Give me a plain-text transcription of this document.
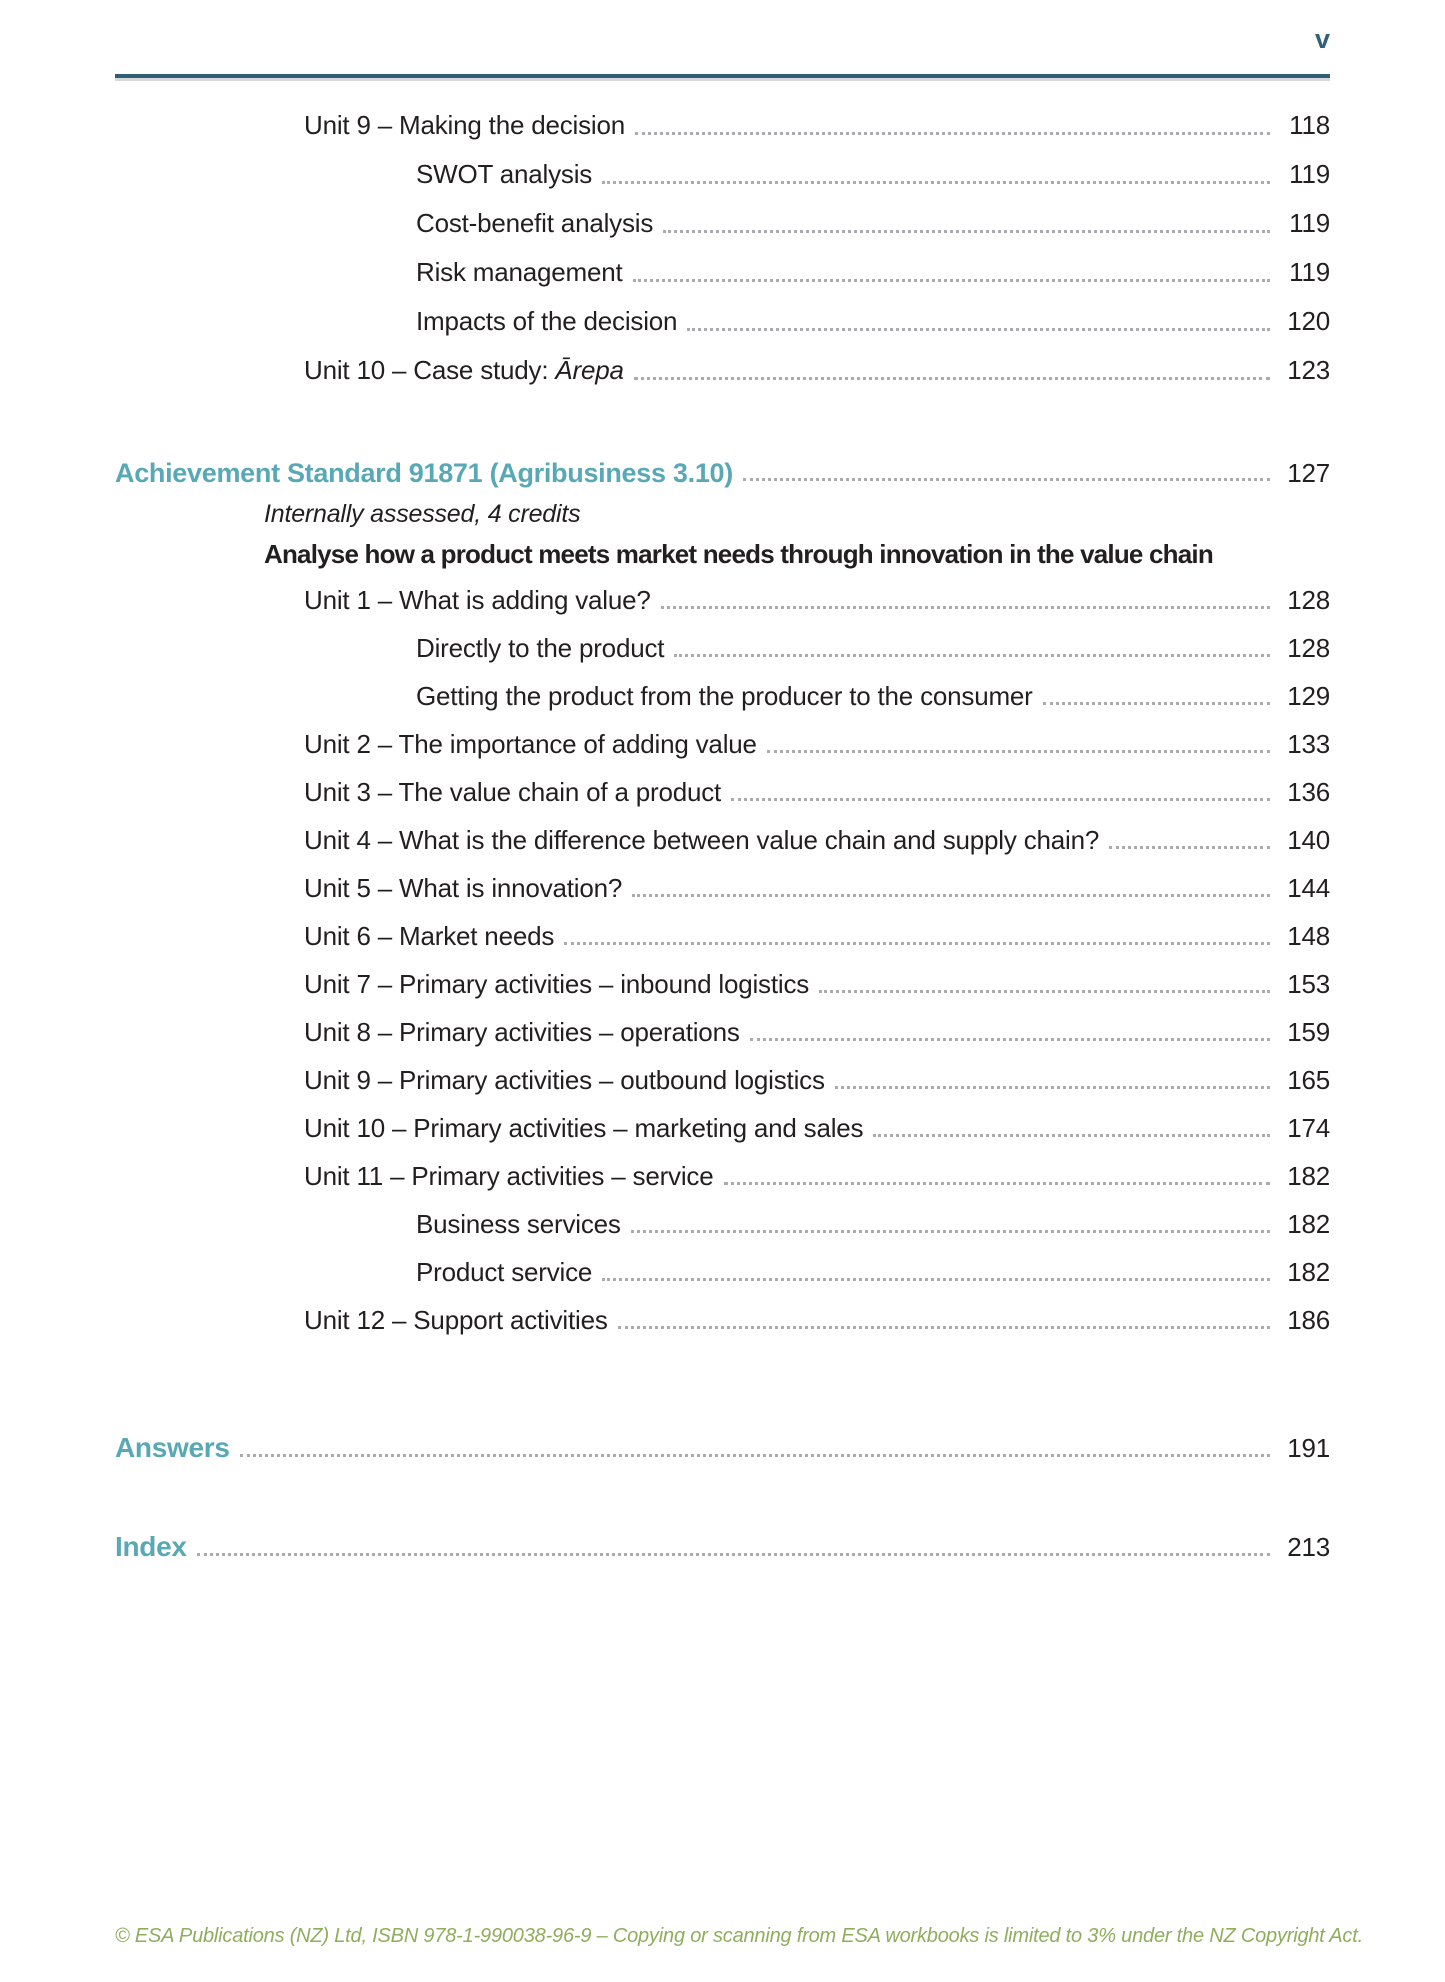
v
Unit 9 – Making the decision	118
SWOT analysis	119
Cost-benefit analysis	119
Risk management	119
Impacts of the decision	120
Unit 10 – Case study: Ārepa	123
Achievement Standard 91871 (Agribusiness 3.10)	127
Internally assessed, 4 credits
Analyse how a product meets market needs through innovation in the value chain
Unit 1 – What is adding value?	128
Directly to the product	128
Getting the product from the producer to the consumer	129
Unit 2 – The importance of adding value	133
Unit 3 – The value chain of a product	136
Unit 4 – What is the difference between value chain and supply chain?	140
Unit 5 – What is innovation?	144
Unit 6 – Market needs	148
Unit 7 – Primary activities – inbound logistics	153
Unit 8 – Primary activities – operations	159
Unit 9 – Primary activities – outbound logistics	165
Unit 10 – Primary activities – marketing and sales	174
Unit 11 – Primary activities – service	182
Business services	182
Product service	182
Unit 12 – Support activities	186
Answers	191
Index	213
© ESA Publications (NZ) Ltd, ISBN 978-1-990038-96-9 – Copying or scanning from ESA workbooks is limited to 3% under the NZ Copyright Act.
